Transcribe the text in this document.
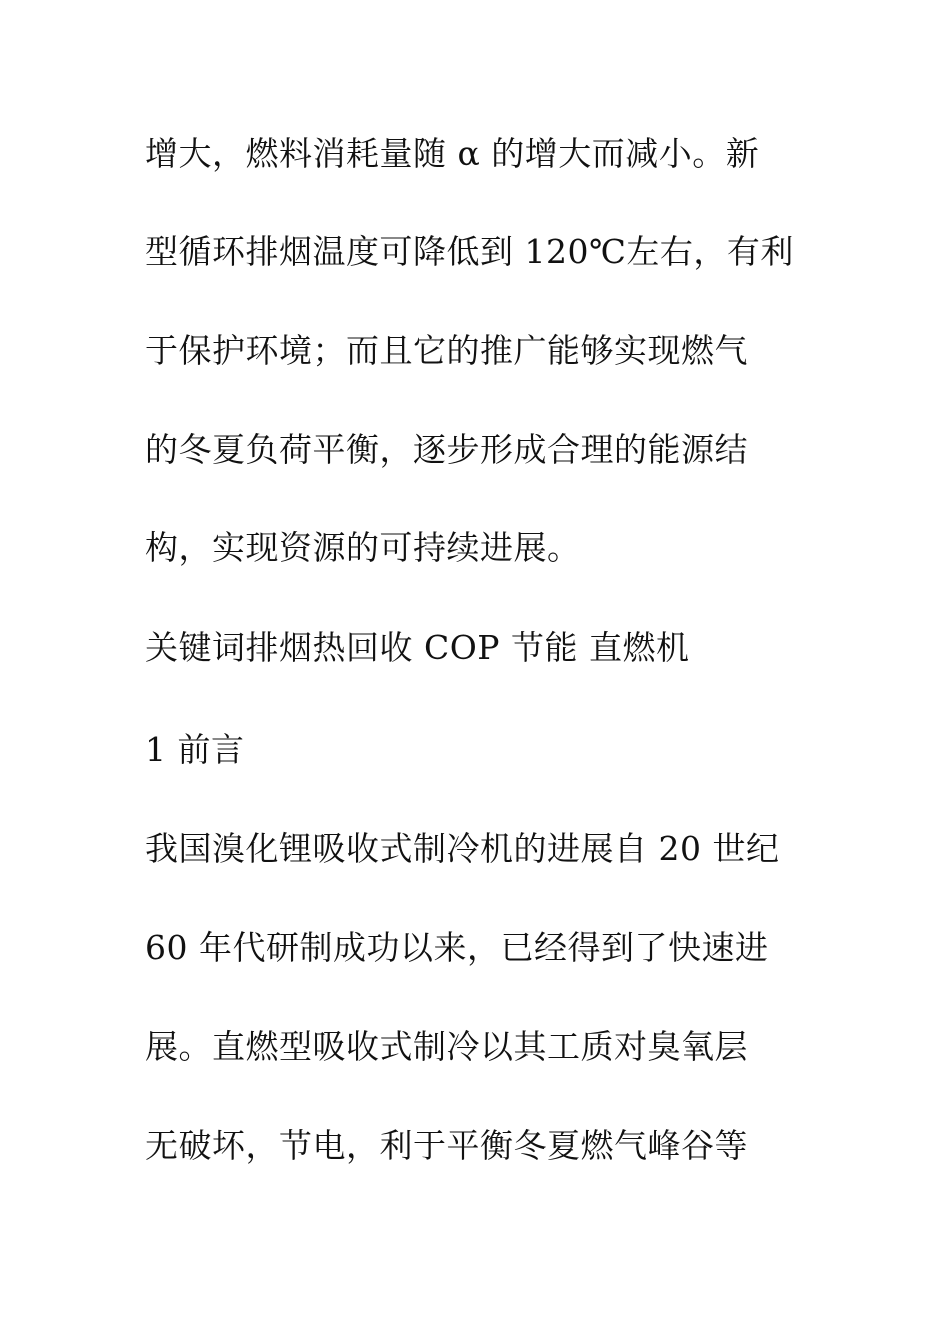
增大，燃料消耗量随 α 的增大而减小。新
型循环排烟温度可降低到 120℃左右，有利
于保护环境；而且它的推广能够实现燃气
的冬夏负荷平衡，逐步形成合理的能源结
构，实现资源的可持续进展。
关键词排烟热回收 COP 节能 直燃机
1 前言
我国溴化锂吸收式制冷机的进展自 20 世纪
60 年代研制成功以来，已经得到了快速进
展。直燃型吸收式制冷以其工质对臭氧层
无破坏，节电，利于平衡冬夏燃气峰谷等
